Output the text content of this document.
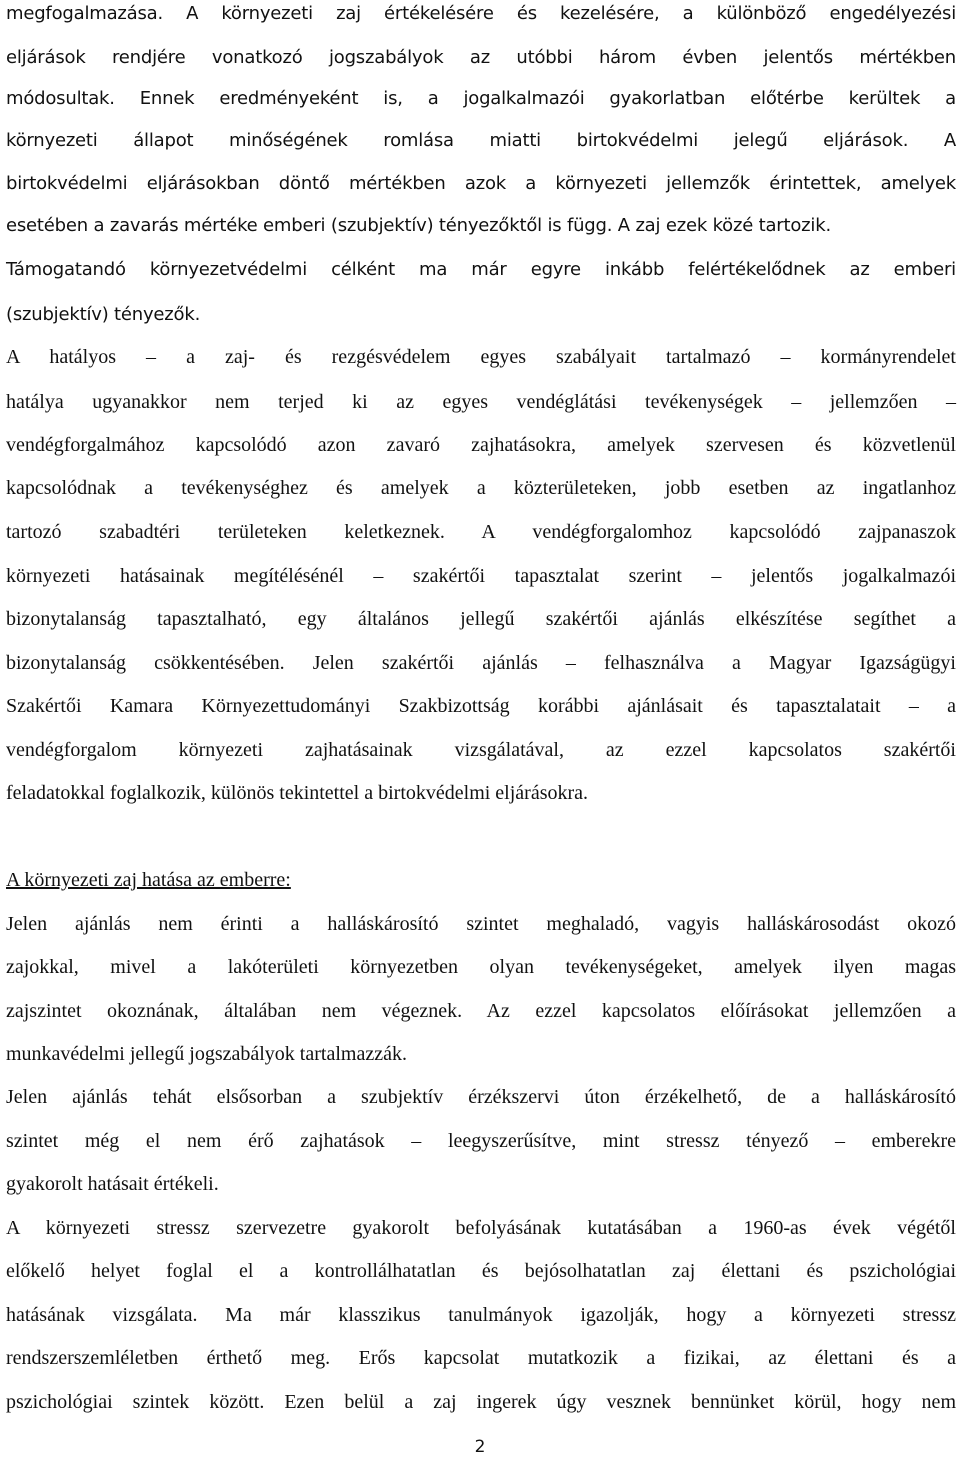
megfogalmazása. A környezeti zaj értékelésére és kezelésére, a különböző engedélyezési

eljárások rendjére vonatkozó jogszabályok az utóbbi három évben jelentős mértékben

módosultak. Ennek eredményeként is, a jogalkalmazói gyakorlatban előtérbe kerültek a

környezeti állapot minőségének romlása miatti birtokvédelmi jelegű eljárások. A

birtokvédelmi eljárásokban döntő mértékben azok a környezeti jellemzők érintettek, amelyek

esetében a zavarás mértéke emberi (szubjektív) tényezőktől is függ. A zaj ezek közé tartozik.

Támogatandó környezetvédelmi célként ma már egyre inkább felértékelődnek az emberi

(szubjektív) tényezők.

A hatályos – a zaj- és rezgésvédelem egyes szabályait tartalmazó – kormányrendelet

hatálya ugyanakkor nem terjed ki az egyes vendéglátási tevékenységek – jellemzően –

vendégforgalmához kapcsolódó azon zavaró zajhatásokra, amelyek szervesen és közvetlenül

kapcsolódnak a tevékenységhez és amelyek a közterületeken, jobb esetben az ingatlanhoz

tartozó szabadtéri területeken keletkeznek. A vendégforgalomhoz kapcsolódó zajpanaszok

környezeti hatásainak megítélésénél – szakértői tapasztalat szerint – jelentős jogalkalmazói

bizonytalanság tapasztalható, egy általános jellegű szakértői ajánlás elkészítése segíthet a

bizonytalanság csökkentésében. Jelen szakértői ajánlás – felhasználva a Magyar Igazságügyi

Szakértői Kamara Környezettudományi Szakbizottság korábbi ajánlásait és tapasztalatait – a

vendégforgalom környezeti zajhatásainak vizsgálatával, az ezzel kapcsolatos szakértői

feladatokkal foglalkozik, különös tekintettel a birtokvédelmi eljárásokra.

A környezeti zaj hatása az emberre:

Jelen ajánlás nem érinti a halláskárosító szintet meghaladó, vagyis halláskárosodást okozó

zajokkal, mivel a lakóterületi környezetben olyan tevékenységeket, amelyek ilyen magas

zajszintet okoznának, általában nem végeznek. Az ezzel kapcsolatos előírásokat jellemzően a

munkavédelmi jellegű jogszabályok tartalmazzák.

Jelen ajánlás tehát elsősorban a szubjektív érzékszervi úton érzékelhető, de a halláskárosító

szintet még el nem érő zajhatások – leegyszerűsítve, mint stressz tényező – emberekre

gyakorolt hatásait értékeli.

A környezeti stressz szervezetre gyakorolt befolyásának kutatásában a 1960-as évek végétől

előkelő helyet foglal el a kontrollálhatatlan és bejósolhatatlan zaj élettani és pszichológiai

hatásának vizsgálata. Ma már klasszikus tanulmányok igazolják, hogy a környezeti stressz

rendszerszemléletben érthető meg. Erős kapcsolat mutatkozik a fizikai, az élettani és a

pszichológiai szintek között. Ezen belül a zaj ingerek úgy vesznek bennünket körül, hogy nem

2
